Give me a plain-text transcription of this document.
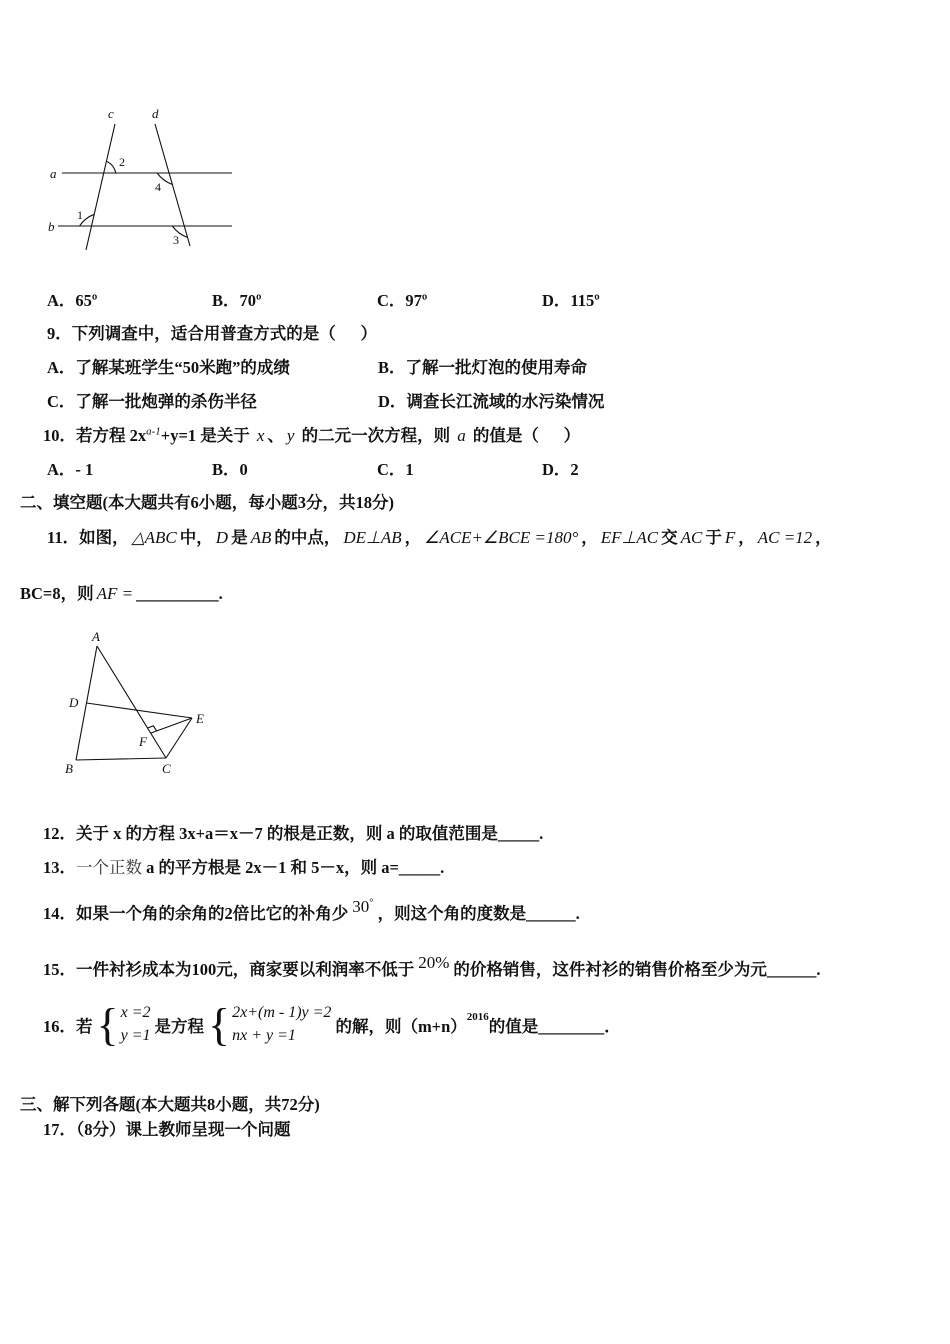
a
b
c	d
2
1
4
3
A．65º	B．70º	C．97º	D．115º
9．下列调查中，适合用普查方式的是（      ）
A．了解某班学生“50米跑”的成绩	B．了解一批灯泡的使用寿命
C．了解一批炮弹的杀伤半径	D．调查长江流域的水污染情况
10．若方程 $2x^{a-1}+y=1$ 是关于 x 、 y 的二元一次方程，则 a 的值是（      ）
A．- 1	B．0	C．1	D．2
二、填空题(本大题共有6小题，每小题3分，共18分)
11．如图， △ABC 中， D 是 AB 的中点， DE⊥AB ， ∠ACE+∠BCE =180° ， EF⊥AC 交 AC 于 F ， AC =12 ，
BC=8，则 AF = __________.
A
B	C
D
E
F
12．关于 x 的方程 3x+a＝x－7 的根是正数，则 a 的取值范围是_____.
13．一个正数 a 的平方根是 2x－1 和 5－x，则 a=_____.
14．如果一个角的余角的2倍比它的补角少 30°，则这个角的度数是______.
15．一件衬衫成本为100元，商家要以利润率不低于 20% 的价格销售，这件衬衫的销售价格至少为元______.
16．若 { x =2
y =1 是方程 { 2x+(m - 1)y =2
nx + y =1	的解，则（m+n） 2016 的值是________．
三、解下列各题(本大题共8小题，共72分)
17．（8分）课上教师呈现一个问题
